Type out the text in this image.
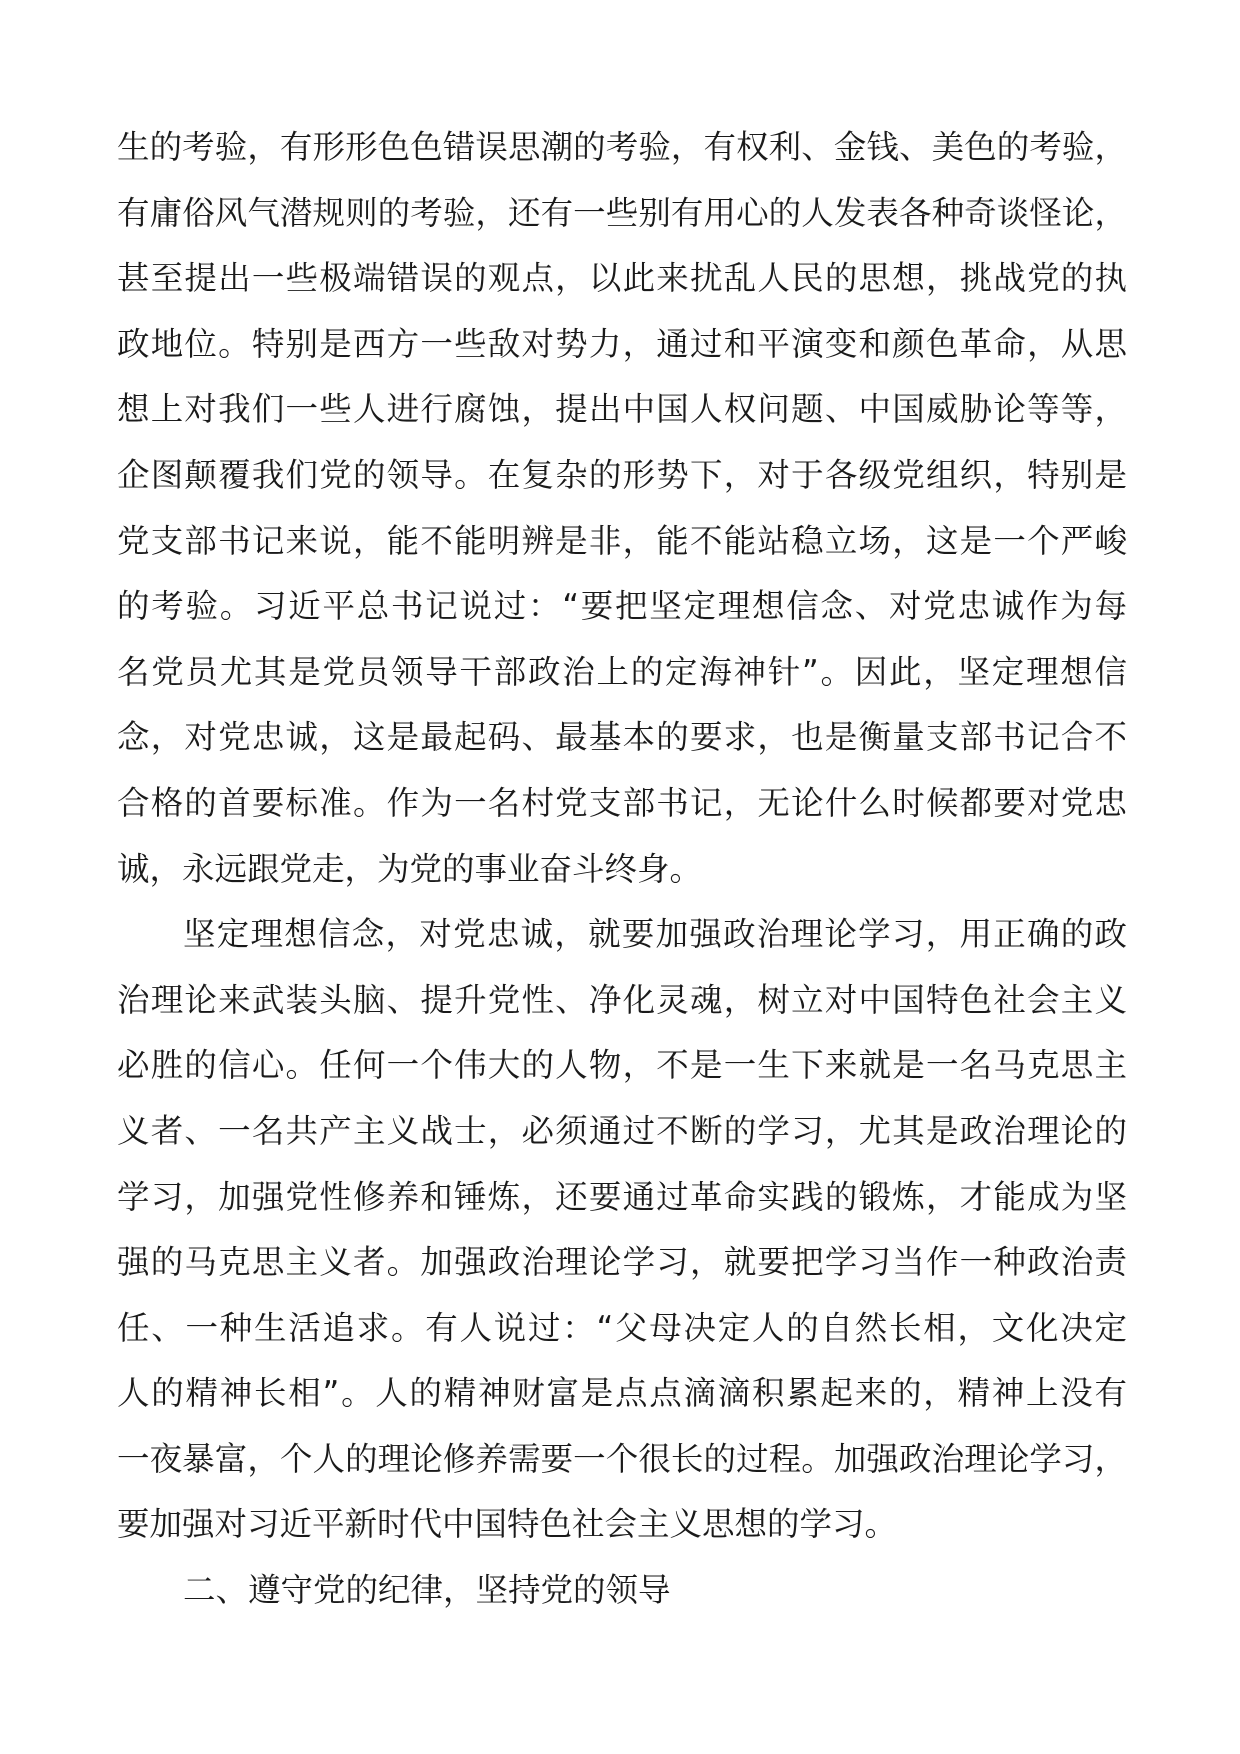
生的考验，有形形色色错误思潮的考验，有权利、金钱、美色的考验，
有庸俗风气潜规则的考验，还有一些别有用心的人发表各种奇谈怪论，
甚至提出一些极端错误的观点，以此来扰乱人民的思想，挑战党的执
政地位。特别是西方一些敌对势力，通过和平演变和颜色革命，从思
想上对我们一些人进行腐蚀，提出中国人权问题、中国威胁论等等，
企图颠覆我们党的领导。在复杂的形势下，对于各级党组织，特别是
党支部书记来说，能不能明辨是非，能不能站稳立场，这是一个严峻
的考验。习近平总书记说过：“要把坚定理想信念、对党忠诚作为每
名党员尤其是党员领导干部政治上的定海神针”。因此，坚定理想信
念，对党忠诚，这是最起码、最基本的要求，也是衡量支部书记合不
合格的首要标准。作为一名村党支部书记，无论什么时候都要对党忠
诚，永远跟党走，为党的事业奋斗终身。
坚定理想信念，对党忠诚，就要加强政治理论学习，用正确的政
治理论来武装头脑、提升党性、净化灵魂，树立对中国特色社会主义
必胜的信心。任何一个伟大的人物，不是一生下来就是一名马克思主
义者、一名共产主义战士，必须通过不断的学习，尤其是政治理论的
学习，加强党性修养和锤炼，还要通过革命实践的锻炼，才能成为坚
强的马克思主义者。加强政治理论学习，就要把学习当作一种政治责
任、一种生活追求。有人说过：“父母决定人的自然长相，文化决定
人的精神长相”。人的精神财富是点点滴滴积累起来的，精神上没有
一夜暴富，个人的理论修养需要一个很长的过程。加强政治理论学习，
要加强对习近平新时代中国特色社会主义思想的学习。
二、遵守党的纪律，坚持党的领导
